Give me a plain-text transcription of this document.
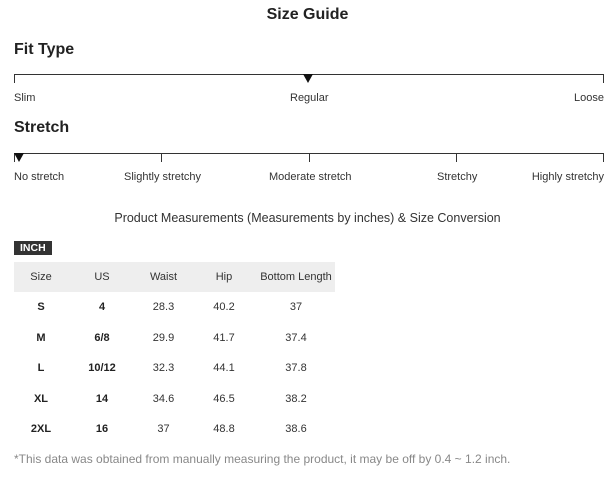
Size Guide
Fit Type
Slim	Regular	Loose
Stretch
No stretch	Slightly stretchy	Moderate stretch	Stretchy	Highly stretchy
Product Measurements (Measurements by inches) & Size Conversion
INCH
Size	US	Waist	Hip	Bottom Length
S	4	28.3	40.2	37
M	6/8	29.9	41.7	37.4
L	10/12	32.3	44.1	37.8
XL	14	34.6	46.5	38.2
2XL	16	37	48.8	38.6
*This data was obtained from manually measuring the product, it may be off by 0.4 ~ 1.2 inch.
